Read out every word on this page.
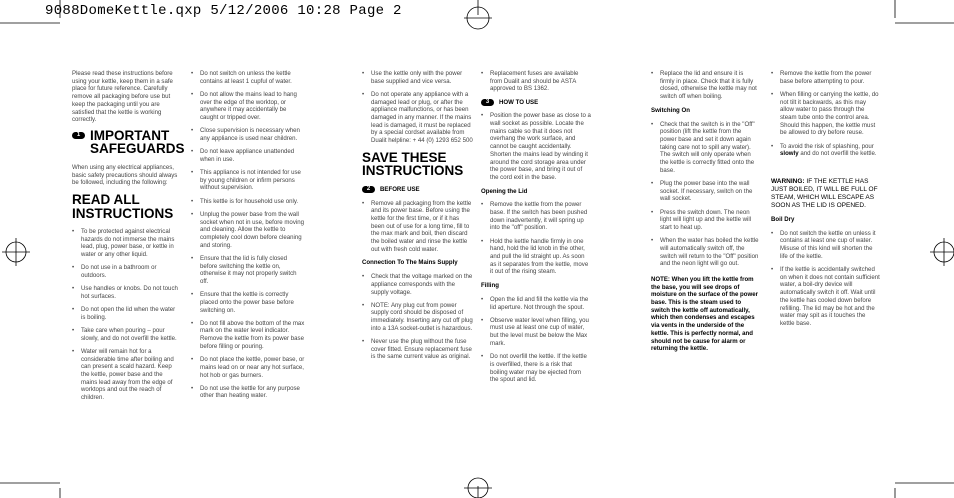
9088DomeKettle.qxp 5/12/2006 10:28 Page 2

Please read these instructions before using your kettle, keep them in a safe place for future reference. Carefully remove all packaging before use but keep the packaging until you are satisfied that the kettle is working correctly.

1 IMPORTANT SAFEGUARDS

When using any electrical appliances, basic safety precautions should always be followed, including the following:

READ ALL INSTRUCTIONS
• To be protected against electrical hazards do not immerse the mains lead, plug, power base, or kettle in water or any other liquid.
• Do not use in a bathroom or outdoors.
• Use handles or knobs. Do not touch hot surfaces.
• Do not open the lid when the water is boiling.
• Take care when pouring – pour slowly, and do not overfill the kettle.
• Water will remain hot for a considerable time after boiling and can present a scald hazard. Keep the kettle, power base and the mains lead away from the edge of worktops and out the reach of children.
• Do not switch on unless the kettle contains at least 1 cupful of water.
• Do not allow the mains lead to hang over the edge of the worktop, or anywhere it may accidentally be caught or tripped over.
• Close supervision is necessary when any appliance is used near children.
• Do not leave appliance unattended when in use.
• This appliance is not intended for use by young children or infirm persons without supervision.
• This kettle is for household use only.
• Unplug the power base from the wall socket when not in use, before moving and cleaning. Allow the kettle to completely cool down before cleaning and storing.
• Ensure that the lid is fully closed before switching the kettle on, otherwise it may not properly switch off.
• Ensure that the kettle is correctly placed onto the power base before switching on.
• Do not fill above the bottom of the max mark on the water level indicator. Remove the kettle from its power base before filling or pouring.
• Do not place the kettle, power base, or mains lead on or near any hot surface, hot hob or gas burners.
• Do not use the kettle for any purpose other than heating water.
• Use the kettle only with the power base supplied and vice versa.
• Do not operate any appliance with a damaged lead or plug, or after the appliance malfunctions, or has been damaged in any manner. If the mains lead is damaged, it must be replaced by a special cordset available from Dualit helpline: + 44 (0) 1293 652 500
SAVE THESE INSTRUCTIONS
2	BEFORE USE
• Remove all packaging from the kettle and its power base. Before using the kettle for the first time, or if it has been out of use for a long time, fill to the max mark and boil, then discard the boiled water and rinse the kettle out with fresh cold water.
Connection To The Mains Supply
• Check that the voltage marked on the appliance corresponds with the supply voltage.
• NOTE: Any plug cut from power supply cord should be disposed of immediately. Inserting any cut off plug into a 13A socket-outlet is hazardous.
• Never use the plug without the fuse cover fitted. Ensure replacement fuse is the same current value as original.
• Replacement fuses are available from Dualit and should be ASTA approved to BS 1362.
3	HOW TO USE
• Position the power base as close to a wall socket as possible. Locate the mains cable so that it does not overhang the work surface, and cannot be caught accidentally. Shorten the mains lead by winding it around the cord storage area under the power base, and bring it out of the cord exit in the base.
Opening the Lid
• Remove the kettle from the power base. If the switch has been pushed down inadvertently, it will spring up into the "off" position.
• Hold the kettle handle firmly in one hand, hold the lid knob in the other, and pull the lid straight up. As soon as it separates from the kettle, move it out of the rising steam.
Filling
• Open the lid and fill the kettle via the lid aperture. Not through the spout.
• Observe water level when filling, you must use at least one cup of water, but the level must be below the Max mark.
• Do not overfill the kettle. If the kettle is overfilled, there is a risk that boiling water may be ejected from the spout and lid.
• Replace the lid and ensure it is firmly in place. Check that it is fully closed, otherwise the kettle may not switch off when boiling.
Switching On
• Check that the switch is in the "Off" position (lift the kettle from the power base and set it down again taking care not to spill any water). The switch will only operate when the kettle is correctly fitted onto the base.
• Plug the power base into the wall socket. If necessary, switch on the wall socket.
• Press the switch down. The neon light will light up and the kettle will start to heat up.
• When the water has boiled the kettle will automatically switch off, the switch will return to the "Off" position and the neon light will go out.

NOTE: When you lift the kettle from the base, you will see drops of moisture on the surface of the power base. This is the steam used to switch the kettle off automatically, which then condenses and escapes via vents in the underside of the kettle. This is perfectly normal, and should not be cause for alarm or returning the kettle.

• Remove the kettle from the power base before attempting to pour.
• When filling or carrying the kettle, do not tilt it backwards, as this may allow water to pass through the steam tube onto the control area. Should this happen, the kettle must be allowed to dry before reuse.
• To avoid the risk of splashing, pour slowly and do not overfill the kettle.

WARNING: IF THE KETTLE HAS JUST BOILED, IT WILL BE FULL OF STEAM, WHICH WILL ESCAPE AS SOON AS THE LID IS OPENED.

Boil Dry
• Do not switch the kettle on unless it contains at least one cup of water. Misuse of this kind will shorten the life of the kettle.
• If the kettle is accidentally switched on when it does not contain sufficient water, a boil-dry device will automatically switch it off. Wait until the kettle has cooled down before refilling. The lid may be hot and the water may spit as it touches the kettle base.
